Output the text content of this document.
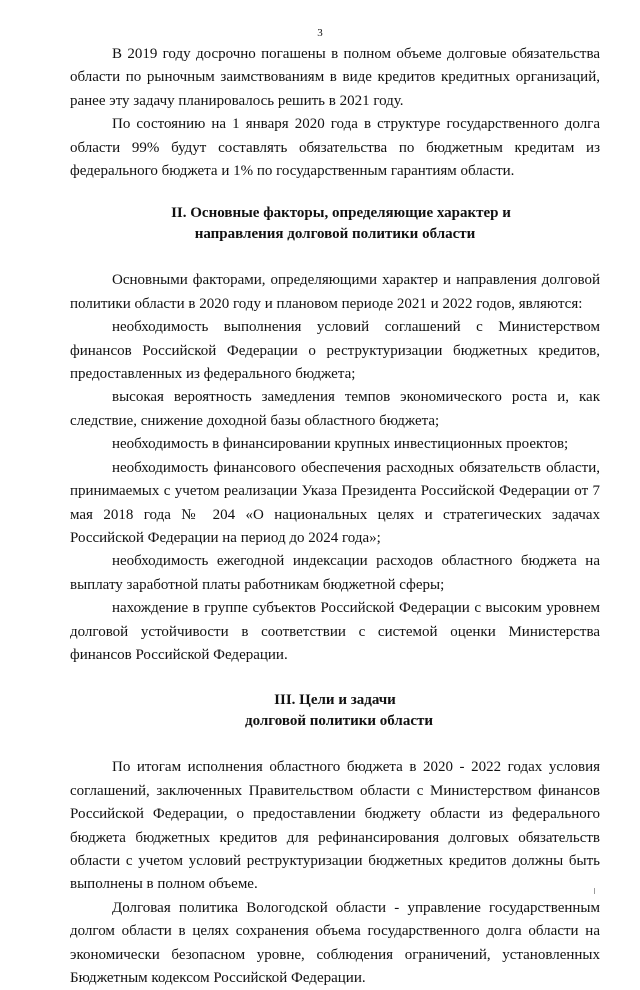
3

В 2019 году досрочно погашены в полном объеме долговые обязательства области по рыночным заимствованиям в виде кредитов кредитных организаций, ранее эту задачу планировалось решить в 2021 году.

По состоянию на 1 января 2020 года в структуре государственного долга области 99% будут составлять обязательства по бюджетным кредитам из федерального бюджета и 1% по государственным гарантиям области.

II. Основные факторы, определяющие характер и
направления долговой политики области

Основными факторами, определяющими характер и направления долговой политики области в 2020 году и плановом периоде 2021 и 2022 годов, являются:

необходимость выполнения условий соглашений с Министерством финансов Российской Федерации о реструктуризации бюджетных кредитов, предоставленных из федерального бюджета;

высокая вероятность замедления темпов экономического роста и, как следствие, снижение доходной базы областного бюджета;

необходимость в финансировании крупных инвестиционных проектов;

необходимость финансового обеспечения расходных обязательств области, принимаемых с учетом реализации Указа Президента Российской Федерации от 7 мая 2018 года № 204 «О национальных целях и стратегических задачах Российской Федерации на период до 2024 года»;

необходимость ежегодной индексации расходов областного бюджета на выплату заработной платы работникам бюджетной сферы;

нахождение в группе субъектов Российской Федерации с высоким уровнем долговой устойчивости в соответствии с системой оценки Министерства финансов Российской Федерации.

III. Цели и задачи
долговой политики области

По итогам исполнения областного бюджета в 2020 - 2022 годах условия соглашений, заключенных Правительством области с Министерством финансов Российской Федерации, о предоставлении бюджету области из федерального бюджета бюджетных кредитов для рефинансирования долговых обязательств области с учетом условий реструктуризации бюджетных кредитов должны быть выполнены в полном объеме.

Долговая политика Вологодской области - управление государственным долгом области в целях сохранения объема государственного долга области на экономически безопасном уровне, соблюдения ограничений, установленных Бюджетным кодексом Российской Федерации.
